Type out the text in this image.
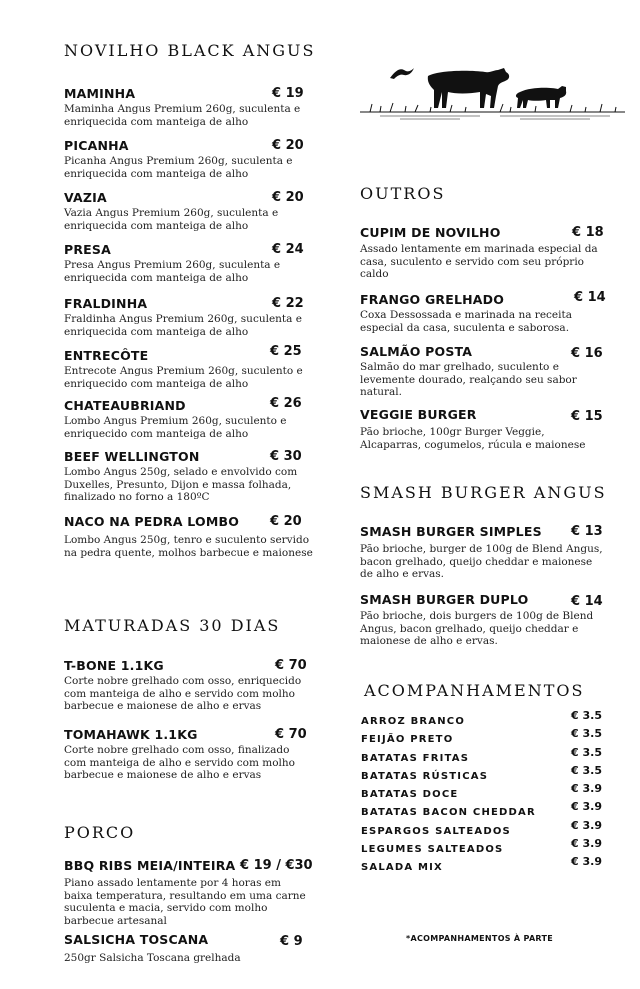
NOVILHO BLACK ANGUS
MATURADAS 30 DIAS
PORCO
OUTROS
SMASH BURGER ANGUS
ACOMPANHAMENTOS
MAMINHA	€ 19
Maminha Angus Premium 260g, suculenta e enriquecida com manteiga de alho
PICANHA	€ 20
Picanha Angus Premium 260g, suculenta e enriquecida com manteiga de alho
VAZIA	€ 20
Vazia Angus Premium 260g, suculenta e enriquecida com manteiga de alho
PRESA	€ 24
Presa Angus Premium 260g, suculenta e enriquecida com manteiga de alho
FRALDINHA	€ 22
Fraldinha Angus Premium 260g, suculenta e enriquecida com manteiga de alho
ENTRECÔTE	€ 25
Entrecote Angus Premium 260g, suculento e enriquecido com manteiga de alho
CHATEAUBRIAND	€ 26
Lombo Angus Premium 260g, suculento e enriquecido com manteiga de alho
BEEF WELLINGTON	€ 30
Lombo Angus 250g, selado e envolvido com Duxelles, Presunto, Dijon e massa folhada, finalizado no forno a 180ºC
NACO NA PEDRA LOMBO	€ 20
Lombo Angus 250g, tenro e suculento servido na pedra quente, molhos barbecue e maionese
T-BONE 1.1KG	€ 70
Corte nobre grelhado com osso, enriquecido com manteiga de alho e servido com molho barbecue e maionese de alho e ervas
TOMAHAWK 1.1KG	€ 70
Corte nobre grelhado com osso, finalizado com manteiga de alho e servido com molho barbecue e maionese de alho e ervas
BBQ RIBS MEIA/INTEIRA € 19 / €30
Piano assado lentamente por 4 horas em baixa temperatura, resultando em uma carne suculenta e macia, servido com molho barbecue artesanal
SALSICHA TOSCANA	€ 9
250gr Salsicha Toscana grelhada
CUPIM DE NOVILHO	€ 18
Assado lentamente em marinada especial da casa, suculento e servido com seu próprio caldo
FRANGO GRELHADO	€ 14
Coxa Dessossada e marinada na receita especial da casa, suculenta e saborosa.
SALMÃO POSTA	€ 16
Salmão do mar grelhado, suculento e levemente dourado, realçando seu sabor natural.
VEGGIE BURGER	€ 15
Pão brioche, 100gr Burger Veggie, Alcaparras, cogumelos, rúcula e maionese
SMASH BURGER SIMPLES	€ 13
Pão brioche, burger de 100g de Blend Angus, bacon grelhado, queijo cheddar e maionese de alho e ervas.
SMASH BURGER DUPLO	€ 14
Pão brioche, dois burgers de 100g de Blend Angus, bacon grelhado, queijo cheddar e maionese de alho e ervas.
ARROZ BRANCO	€ 3.5
FEIJÃO PRETO	€ 3.5
BATATAS FRITAS	€ 3.5
BATATAS RÚSTICAS	€ 3.5
BATATAS DOCE	€ 3.9
BATATAS BACON CHEDDAR	€ 3.9
ESPARGOS SALTEADOS	€ 3.9
LEGUMES SALTEADOS	€ 3.9
SALADA MIX	€ 3.9
*ACOMPANHAMENTOS À PARTE
